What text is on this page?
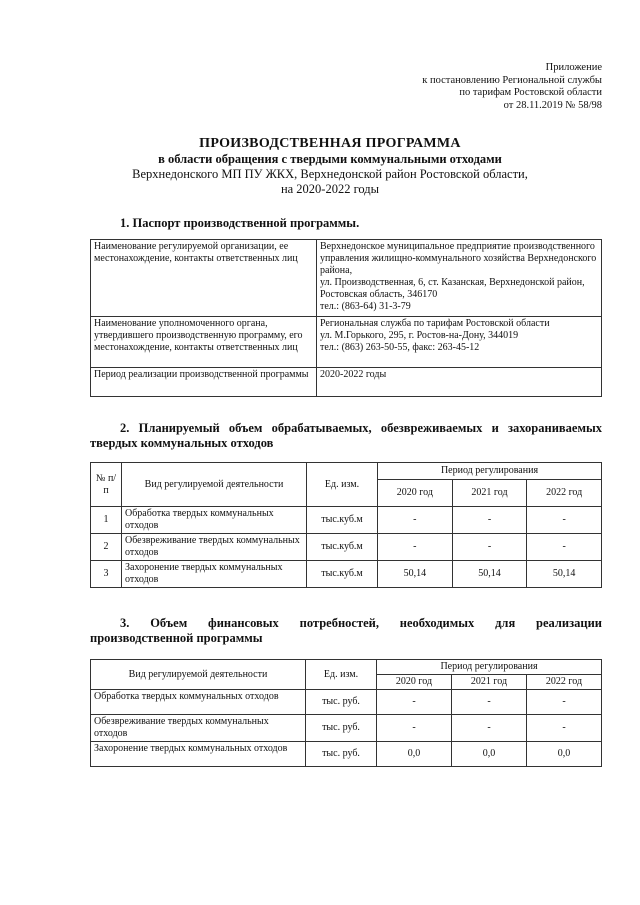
Приложение
к постановлению Региональной службы
по тарифам Ростовской области
от 28.11.2019 № 58/98
ПРОИЗВОДСТВЕННАЯ ПРОГРАММА
в области обращения с твердыми коммунальными отходами
Верхнедонского МП ПУ ЖКХ, Верхнедонской район Ростовской области,
на 2020-2022 годы
1. Паспорт производственной программы.
Наименование регулируемой организации, ее местонахождение, контакты ответственных лиц	Верхнедонское муниципальное предприятие производственного управления жилищно-коммунального хозяйства Верхнедонского района,
ул. Производственная, 6, ст. Казанская, Верхнедонской район, Ростовская область, 346170
тел.: (863-64) 31-3-79

Наименование уполномоченного органа, утвердившего производственную программу, его местонахождение, контакты ответственных лиц	Региональная служба по тарифам Ростовской области
ул. М.Горького, 295, г. Ростов-на-Дону, 344019
тел.: (863) 263-50-55, факс: 263-45-12

Период реализации производственной программы	2020-2022 годы
2. Планируемый объем обрабатываемых, обезвреживаемых и захораниваемых
твердых коммунальных отходов
№ п/п	Вид регулируемой деятельности	Ед. изм.	Период регулирования		
			2020 год	2021 год	2022 год
1	Обработка твердых коммунальных отходов	тыс.куб.м	-	-	-
2	Обезвреживание твердых коммунальных отходов	тыс.куб.м	-	-	-
3	Захоронение твердых коммунальных отходов	тыс.куб.м	50,14	50,14	50,14
3.  Объем  финансовых  потребностей,  необходимых  для  реализации
производственной программы
Вид регулируемой деятельности	Ед. изм.	Период регулирования		
		2020 год	2021 год	2022 год
Обработка твердых коммунальных отходов	тыс. руб.	-	-	-
Обезвреживание твердых коммунальных отходов	тыс. руб.	-	-	-
Захоронение твердых коммунальных отходов	тыс. руб.	0,0	0,0	0,0
